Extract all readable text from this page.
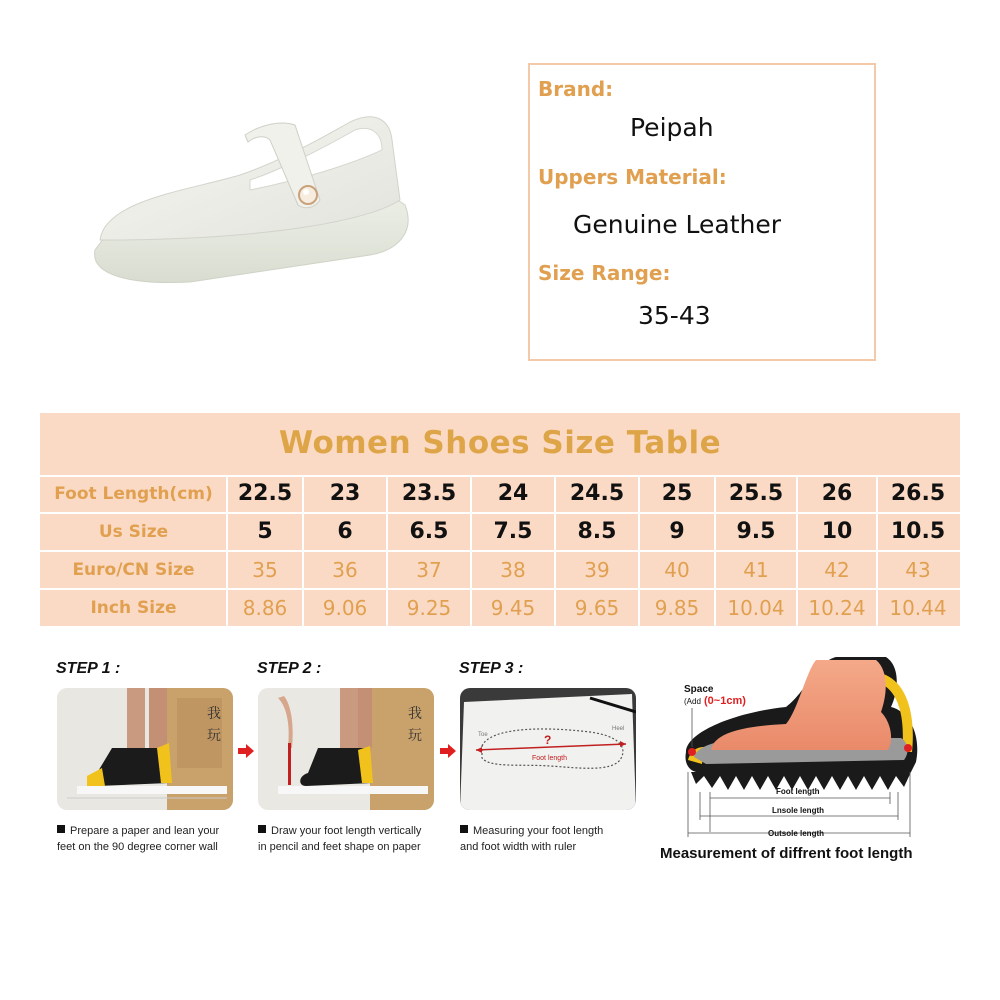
Brand:
Peipah
Uppers Material:
Genuine Leather
Size Range:
35-43
Women Shoes Size Table
Foot Length(cm)	22.5	23	23.5	24	24.5	25	25.5	26	26.5
Us Size	5	6	6.5	7.5	8.5	9	9.5	10	10.5
Euro/CN Size	35	36	37	38	39	40	41	42	43
Inch Size	8.86	9.06	9.25	9.45	9.65	9.85	10.04	10.24	10.44
STEP 1 :	STEP 2 :	STEP 3 :
我
玩
我
玩	?
Foot length
Toe
Heel
Prepare a paper and lean your
feet on the 90 degree corner wall
Draw your foot length vertically
in pencil and feet shape on paper
Measuring your foot length
and foot width with ruler
Space
(Add (0~1cm)
Foot length
Lnsole length
Outsole length
Measurement of diffrent foot length
